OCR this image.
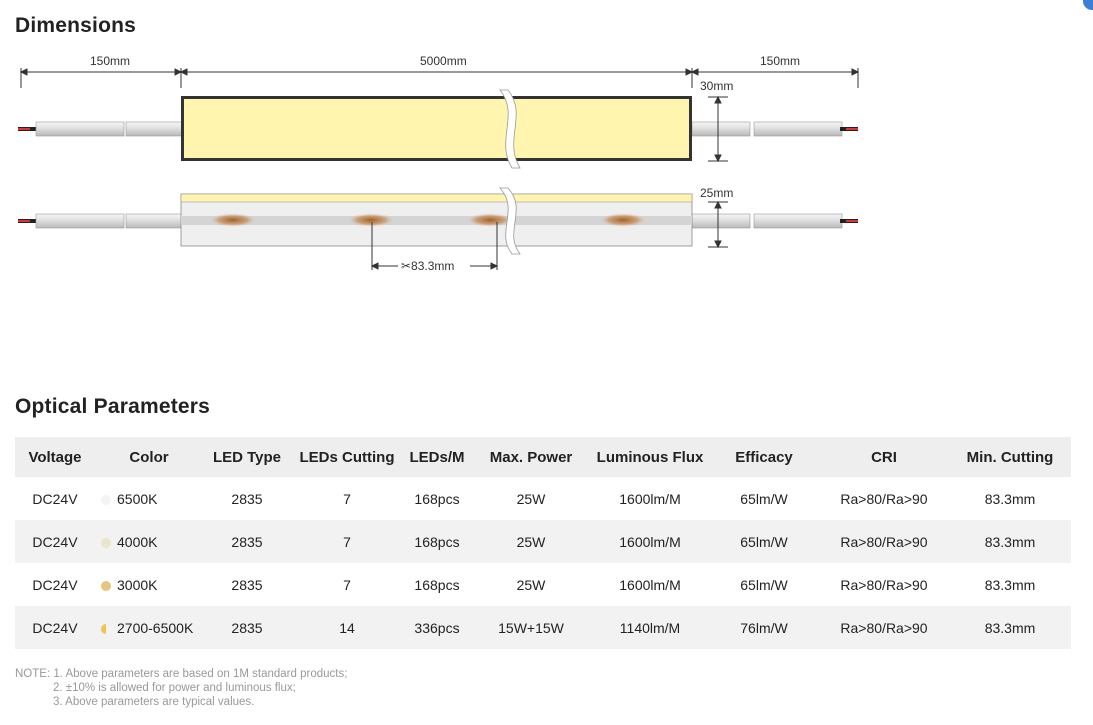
Dimensions
150mm	5000mm	150mm
30mm
25mm
✂83.3mm
Optical Parameters
Voltage	Color	LED Type	LEDs Cutting	LEDs/M	Max. Power	Luminous Flux	Efficacy	CRI	Min. Cutting
DC24V	6500K	2835	7	168pcs	25W	1600lm/M	65lm/W	Ra>80/Ra>90	83.3mm
DC24V	4000K	2835	7	168pcs	25W	1600lm/M	65lm/W	Ra>80/Ra>90	83.3mm
DC24V	3000K	2835	7	168pcs	25W	1600lm/M	65lm/W	Ra>80/Ra>90	83.3mm
DC24V	2700-6500K	2835	14	336pcs	15W+15W	1140lm/M	76lm/W	Ra>80/Ra>90	83.3mm
NOTE: 1. Above parameters are based on 1M standard products;
2. ±10% is allowed for power and luminous flux;
3. Above parameters are typical values.
